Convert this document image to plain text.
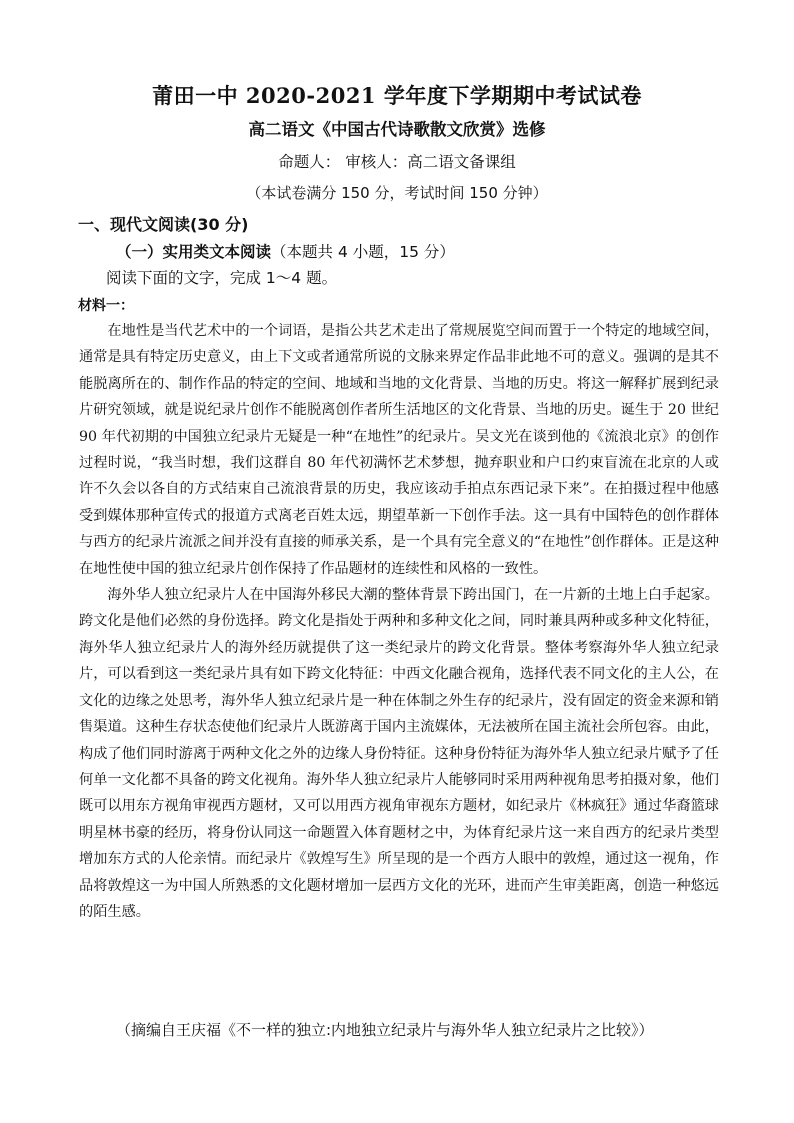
莆田一中 2020-2021 学年度下学期期中考试试卷
高二语文《中国古代诗歌散文欣赏》选修
命题人： 审核人：高二语文备课组
（本试卷满分 150 分，考试时间 150 分钟）
一、现代文阅读(30 分)
（一）实用类文本阅读（本题共 4 小题，15 分）
阅读下面的文字，完成 1～4 题。
材料一：

在地性是当代艺术中的一个词语，是指公共艺术走出了常规展览空间而置于一个特定的地域空间，通常是具有特定历史意义，由上下文或者通常所说的文脉来界定作品非此地不可的意义。强调的是其不能脱离所在的、制作作品的特定的空间、地域和当地的文化背景、当地的历史。将这一解释扩展到纪录片研究领域，就是说纪录片创作不能脱离创作者所生活地区的文化背景、当地的历史。诞生于 20 世纪 90 年代初期的中国独立纪录片无疑是一种“在地性”的纪录片。吴文光在谈到他的《流浪北京》的创作过程时说，“我当时想，我们这群自 80 年代初满怀艺术梦想，抛弃职业和户口约束盲流在北京的人或许不久会以各自的方式结束自己流浪背景的历史，我应该动手拍点东西记录下来”。在拍摄过程中他感受到媒体那种宣传式的报道方式离老百姓太远，期望革新一下创作手法。这一具有中国特色的创作群体与西方的纪录片流派之间并没有直接的师承关系，是一个具有完全意义的“在地性”创作群体。正是这种在地性使中国的独立纪录片创作保持了作品题材的连续性和风格的一致性。

海外华人独立纪录片人在中国海外移民大潮的整体背景下跨出国门，在一片新的土地上白手起家。跨文化是他们必然的身份选择。跨文化是指处于两种和多种文化之间，同时兼具两种或多种文化特征，海外华人独立纪录片人的海外经历就提供了这一类纪录片的跨文化背景。整体考察海外华人独立纪录片，可以看到这一类纪录片具有如下跨文化特征：中西文化融合视角，选择代表不同文化的主人公，在文化的边缘之处思考，海外华人独立纪录片是一种在体制之外生存的纪录片，没有固定的资金来源和销售渠道。这种生存状态使他们纪录片人既游离于国内主流媒体，无法被所在国主流社会所包容。由此，构成了他们同时游离于两种文化之外的边缘人身份特征。这种身份特征为海外华人独立纪录片赋予了任何单一文化都不具备的跨文化视角。海外华人独立纪录片人能够同时采用两种视角思考拍摄对象，他们既可以用东方视角审视西方题材，又可以用西方视角审视东方题材，如纪录片《林疯狂》通过华裔篮球明星林书豪的经历，将身份认同这一命题置入体育题材之中，为体育纪录片这一来自西方的纪录片类型增加东方式的人伦亲情。而纪录片《敦煌写生》所呈现的是一个西方人眼中的敦煌，通过这一视角，作品将敦煌这一为中国人所熟悉的文化题材增加一层西方文化的光环，进而产生审美距离，创造一种悠远的陌生感。

（摘编自王庆福《不一样的独立:内地独立纪录片与海外华人独立纪录片之比较》）
